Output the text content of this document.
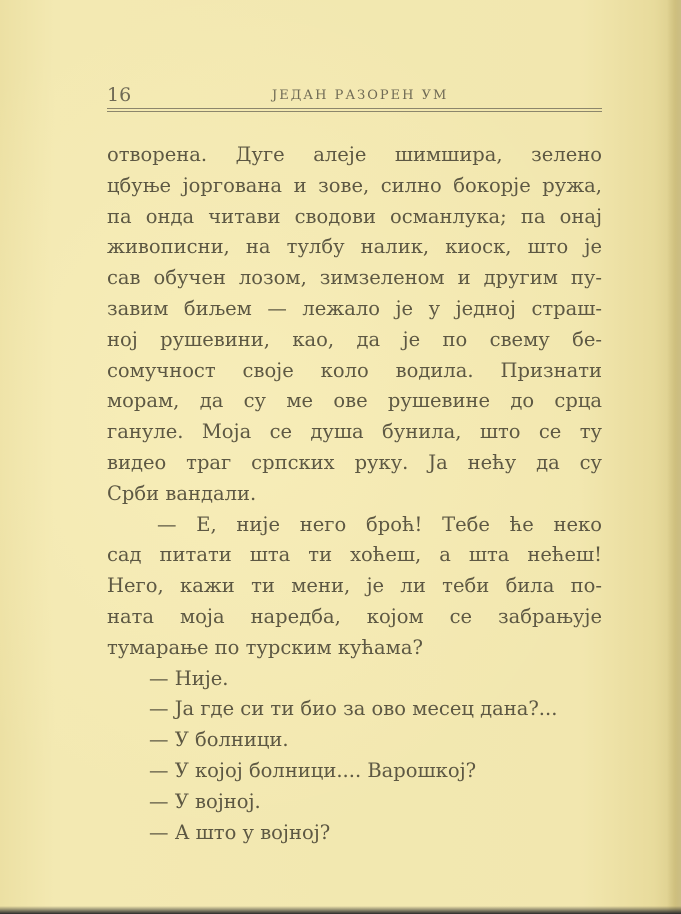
16	ЈЕДАН РАЗОРЕН УМ
отворена. Дуге алеје шимшира, зелено
цбуње јоргована и зове, силно бокорје ружа,
па онда читави сводови османлука; па онај
живописни, на тулбу налик, киоск, што је
сав обучен лозом, зимзеленом и другим пу-
завим биљем — лежало је у једној страш-
ној рушевини, као, да је по свему бе-
сомучност своје коло водила. Признати
морам, да су ме ове рушевине до срца
гануле. Моја се душа бунила, што се ту
видео траг српских руку. Ја нећу да су
Срби вандали.
— Е, није него броћ! Тебе ће неко
сад питати шта ти хоћеш, а шта нећеш!
Него, кажи ти мени, је ли теби била по-
ната моја наредба, којом се забрањује
тумарање по турским кућама?
— Није.
— Ја где си ти био за ово месец дана?...
— У болници.
— У којој болници.... Варошкој?
— У војној.
— А што у војној?
